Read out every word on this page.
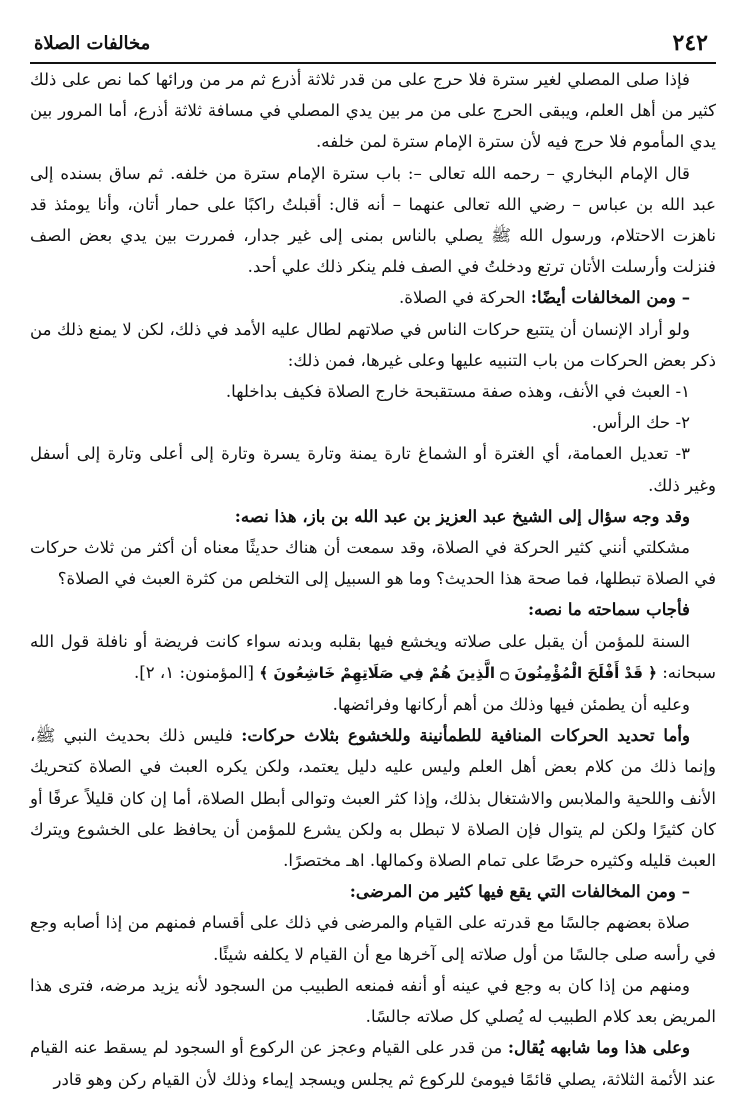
٢٤٢
مخالفات الصلاة

فإذا صلى المصلي لغير سترة فلا حرج على من قدر ثلاثة أذرع ثم مر من ورائها كما نص على ذلك كثير من أهل العلم، ويبقى الحرج على من مر بين يدي المصلي في مسافة ثلاثة أذرع، أما المرور بين يدي المأموم فلا حرج فيه لأن سترة الإمام سترة لمن خلفه.

قال الإمام البخاري – رحمه الله تعالى –: باب سترة الإمام سترة من خلفه. ثم ساق بسنده إلى عبد الله بن عباس – رضي الله تعالى عنهما – أنه قال: أقبلتُ راكبًا على حمار أتان، وأنا يومئذ قد ناهزت الاحتلام، ورسول الله ﷺ يصلي بالناس بمنى إلى غير جدار، فمررت بين يدي بعض الصف فنزلت وأرسلت الأتان ترتع ودخلتُ في الصف فلم ينكر ذلك علي أحد.

– ومن المخالفات أيضًا: الحركة في الصلاة.

ولو أراد الإنسان أن يتتبع حركات الناس في صلاتهم لطال عليه الأمد في ذلك، لكن لا يمنع ذلك من ذكر بعض الحركات من باب التنبيه عليها وعلى غيرها، فمن ذلك:

١- العبث في الأنف، وهذه صفة مستقبحة خارج الصلاة فكيف بداخلها.

٢- حك الرأس.

٣- تعديل العمامة، أي الغترة أو الشماغ تارة يمنة وتارة يسرة وتارة إلى أعلى وتارة إلى أسفل وغير ذلك.

وقد وجه سؤال إلى الشيخ عبد العزيز بن عبد الله بن باز، هذا نصه:

مشكلتي أنني كثير الحركة في الصلاة، وقد سمعت أن هناك حديثًا معناه أن أكثر من ثلاث حركات في الصلاة تبطلها، فما صحة هذا الحديث؟ وما هو السبيل إلى التخلص من كثرة العبث في الصلاة؟

فأجاب سماحته ما نصه:

السنة للمؤمن أن يقبل على صلاته ويخشع فيها بقلبه وبدنه سواء كانت فريضة أو نافلة قول الله سبحانه: ﴿ قَدْ أَفْلَحَ الْمُؤْمِنُونَ ۝ الَّذِينَ هُمْ فِي صَلَاتِهِمْ خَاشِعُونَ ﴾ [المؤمنون: ١، ٢].

وعليه أن يطمئن فيها وذلك من أهم أركانها وفرائضها.

وأما تحديد الحركات المنافية للطمأنينة وللخشوع بثلاث حركات: فليس ذلك بحديث النبي ﷺ، وإنما ذلك من كلام بعض أهل العلم وليس عليه دليل يعتمد، ولكن يكره العبث في الصلاة كتحريك الأنف واللحية والملابس والاشتغال بذلك، وإذا كثر العبث وتوالى أبطل الصلاة، أما إن كان قليلاً عرفًا أو كان كثيرًا ولكن لم يتوال فإن الصلاة لا تبطل به ولكن يشرع للمؤمن أن يحافظ على الخشوع ويترك العبث قليله وكثيره حرصًا على تمام الصلاة وكمالها. اهـ مختصرًا.

– ومن المخالفات التي يقع فيها كثير من المرضى:

صلاة بعضهم جالسًا مع قدرته على القيام والمرضى في ذلك على أقسام فمنهم من إذا أصابه وجع في رأسه صلى جالسًا من أول صلاته إلى آخرها مع أن القيام لا يكلفه شيئًا.

ومنهم من إذا كان به وجع في عينه أو أنفه فمنعه الطبيب من السجود لأنه يزيد مرضه، فترى هذا المريض بعد كلام الطبيب له يُصلي كل صلاته جالسًا.

وعلى هذا وما شابهه يُقال: من قدر على القيام وعجز عن الركوع أو السجود لم يسقط عنه القيام عند الأئمة الثلاثة، يصلي قائمًا فيومئ للركوع ثم يجلس ويسجد إيماء وذلك لأن القيام ركن وهو قادر
